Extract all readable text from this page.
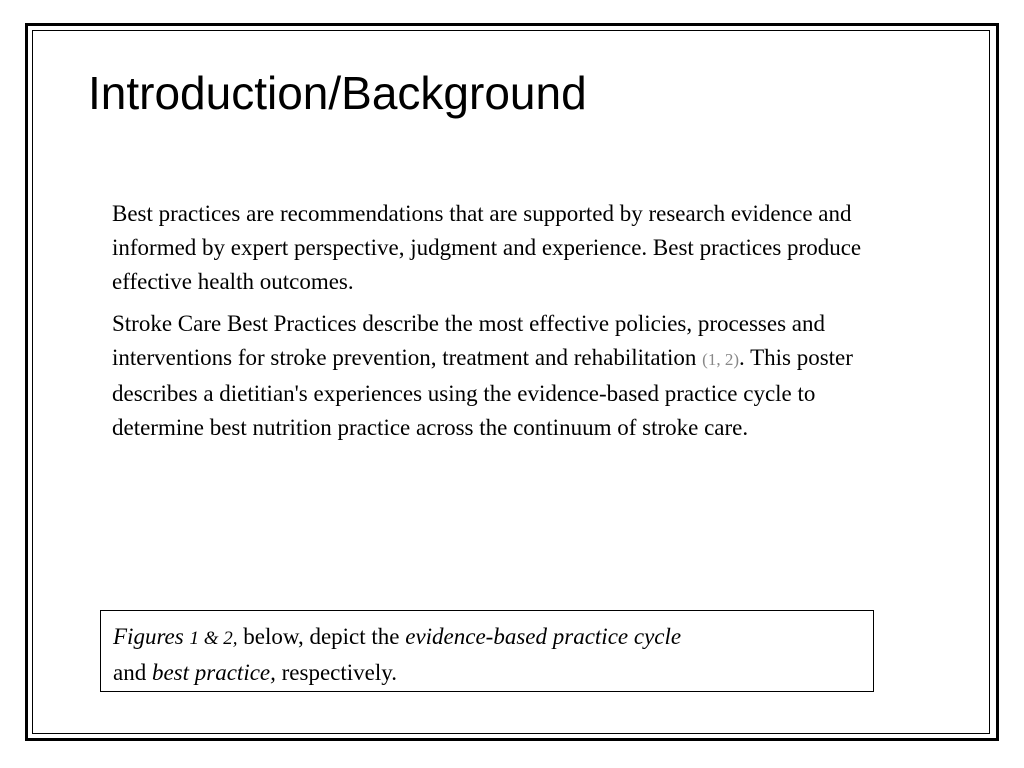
Introduction/Background

Best practices are recommendations that are supported by research evidence and informed by expert perspective, judgment and experience. Best practices produce effective health outcomes.

Stroke Care Best Practices describe the most effective policies, processes and interventions for stroke prevention, treatment and rehabilitation (1, 2). This poster describes a dietitian's experiences using the evidence-based practice cycle to determine best nutrition practice across the continuum of stroke care.

Figures 1 & 2, below, depict the evidence-based practice cycle
and best practice, respectively.
